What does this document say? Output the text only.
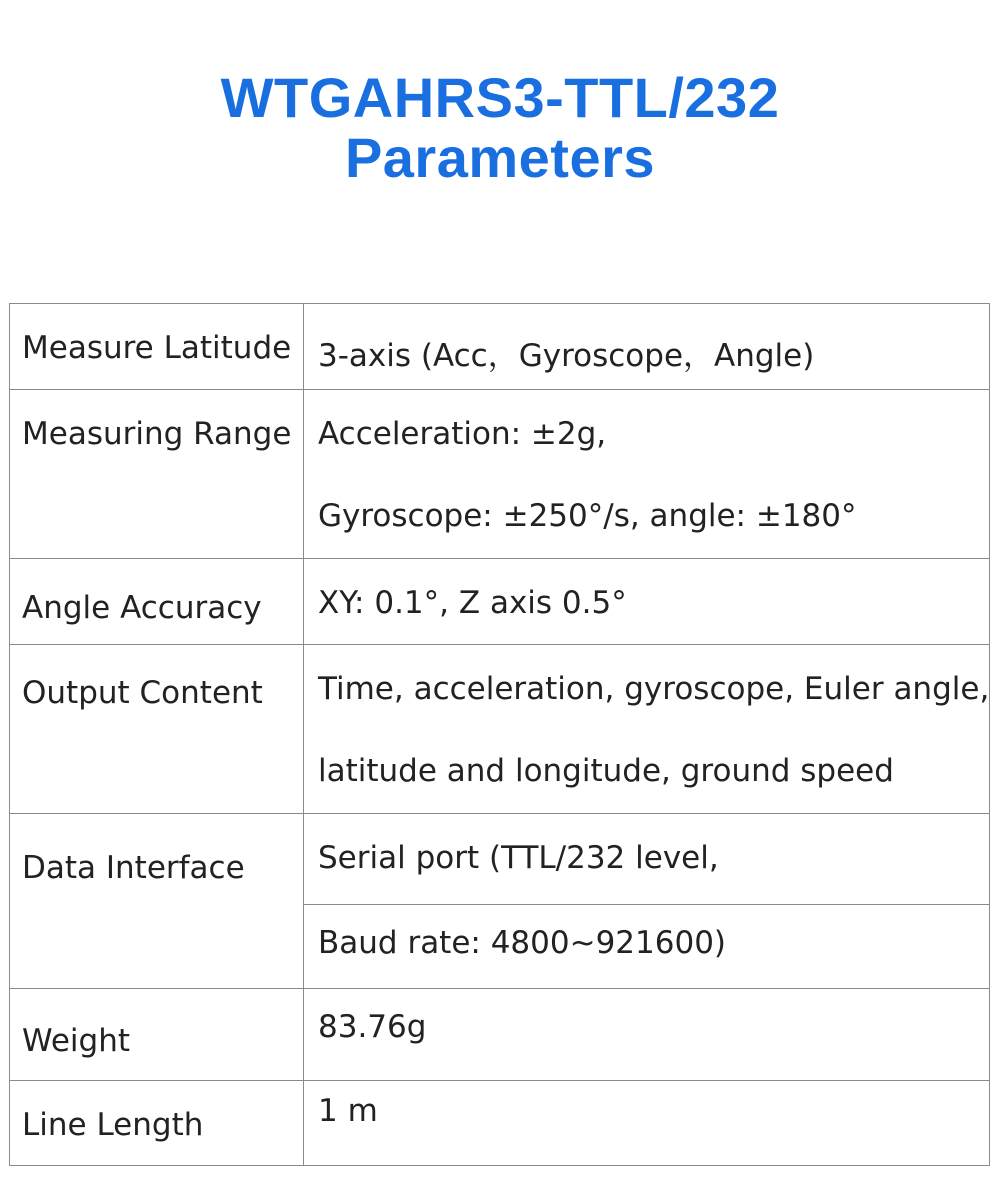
WTGAHRS3-TTL/232
Parameters
Measure Latitude	3-axis (Acc，Gyroscope，Angle)

Measuring Range	Acceleration: ±2g,
Gyroscope: ±250°/s, angle: ±180°

Angle Accuracy	XY: 0.1°, Z axis 0.5°

Output Content	Time, acceleration, gyroscope, Euler angle,
latitude and longitude, ground speed

Data Interface	Serial port (TTL/232 level,

	Baud rate: 4800~921600)

Weight	83.76g

Line Length	1 m
